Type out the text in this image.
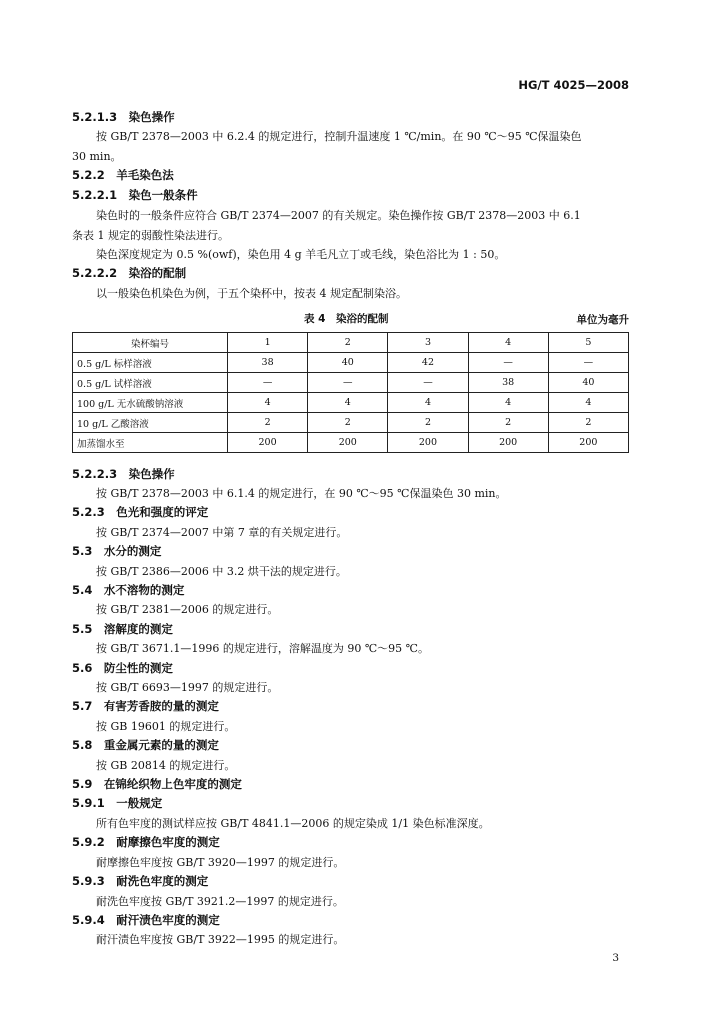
HG/T 4025—2008
5.2.1.3　 染色操作
按 GB/T 2378—2003 中 6.2.4 的规定进行，控制升温速度 1 ℃/min。在 90 ℃～95 ℃保温染色
30 min。
5.2.2　 羊毛染色法
5.2.2.1　 染色一般条件
染色时的一般条件应符合 GB/T 2374—2007 的有关规定。染色操作按 GB/T 2378—2003 中 6.1
条表 1 规定的弱酸性染法进行。
染色深度规定为 0.5 %(owf)，染色用 4 g 羊毛凡立丁或毛线，染色浴比为 1 : 50。
5.2.2.2　 染浴的配制
以一般染色机染色为例，于五个染杯中，按表 4 规定配制染浴。
表 4　染浴的配制	单位为毫升
染杯编号	1	2	3	4	5
0.5 g/L 标样溶液	38	40	42	—	—
0.5 g/L 试样溶液	—	—	—	38	40
100 g/L 无水硫酸钠溶液	4	4	4	4	4
10 g/L 乙酸溶液	2	2	2	2	2
加蒸馏水至	200	200	200	200	200
5.2.2.3　 染色操作
按 GB/T 2378—2003 中 6.1.4 的规定进行，在 90 ℃～95 ℃保温染色 30 min。
5.2.3　 色光和强度的评定
按 GB/T 2374—2007 中第 7 章的有关规定进行。
5.3　 水分的测定
按 GB/T 2386—2006 中 3.2 烘干法的规定进行。
5.4　 水不溶物的测定
按 GB/T 2381—2006 的规定进行。
5.5　 溶解度的测定
按 GB/T 3671.1—1996 的规定进行，溶解温度为 90 ℃～95 ℃。
5.6　 防尘性的测定
按 GB/T 6693—1997 的规定进行。
5.7　 有害芳香胺的量的测定
按 GB 19601 的规定进行。
5.8　 重金属元素的量的测定
按 GB 20814 的规定进行。
5.9　 在锦纶织物上色牢度的测定
5.9.1　 一般规定
所有色牢度的测试样应按 GB/T 4841.1—2006 的规定染成 1/1 染色标准深度。
5.9.2　 耐摩擦色牢度的测定
耐摩擦色牢度按 GB/T 3920—1997 的规定进行。
5.9.3　 耐洗色牢度的测定
耐洗色牢度按 GB/T 3921.2—1997 的规定进行。
5.9.4　 耐汗渍色牢度的测定
耐汗渍色牢度按 GB/T 3922—1995 的规定进行。
3
